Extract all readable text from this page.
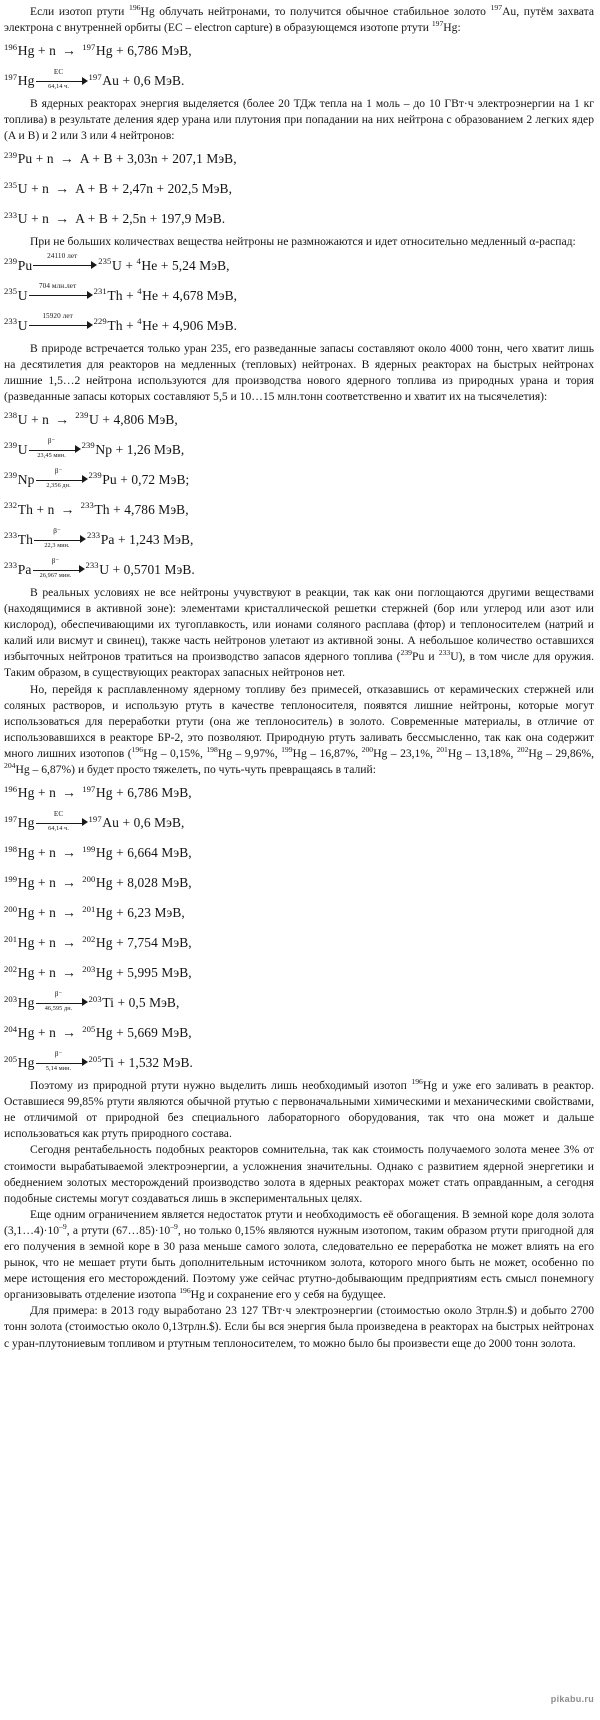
Если изотоп ртути $^{196}$Hg облучать нейтронами, то получится обычное стабильное золото $^{197}$Au, путём захвата электрона с внутренней орбиты (EC – electron capture) в образующемся изотопе ртути $^{197}$Hg:

$^{196}$Hg + n → $^{197}$Hg + 6,786 МэВ,
$^{197}$Hg
EC
64,14 ч.
$^{197}$Au + 0,6 МэВ.

В ядерных реакторах энергия выделяется (более 20 ТДж тепла на 1 моль – до 10 ГВт·ч электроэнергии на 1 кг топлива) в результате деления ядер урана или плутония при попадании на них нейтрона с образованием 2 легких ядер (A и B) и 2 или 3 или 4 нейтронов:

$^{239}$Pu + n → A + B + 3,03n + 207,1 МэВ,
$^{235}$U + n → A + B + 2,47n + 202,5 МэВ,
$^{233}$U + n → A + B + 2,5n + 197,9 МэВ.

При не больших количествах вещества нейтроны не размножаются и идет относительно медленный α-распад:

$^{239}$Pu
24110 лет	$^{235}$U + $^4$He + 5,24 МэВ,
$^{235}$U
704 млн.лет	$^{231}$Th + $^4$He + 4,678 МэВ,
$^{233}$U
15920 лет	$^{229}$Th + $^4$He + 4,906 МэВ.

В природе встречается только уран 235, его разведанные запасы составляют около 4000 тонн, чего хватит лишь на десятилетия для реакторов на медленных (тепловых) нейтронах. В ядерных реакторах на быстрых нейтронах лишние 1,5…2 нейтрона используются для производства нового ядерного топлива из природных урана и тория (разведанные запасы которых составляют 5,5 и 10…15 млн.тонн соответственно и хватит их на тысячелетия):

$^{238}$U + n → $^{239}$U + 4,806 МэВ,
$^{239}$U
β⁻
23,45 мин.
$^{239}$Np + 1,26 МэВ,
$^{239}$Np
β⁻
2,356 дн.
$^{239}$Pu + 0,72 МэВ;
$^{232}$Th + n → $^{233}$Th + 4,786 МэВ,
$^{233}$Th
β⁻
22,3 мин.
$^{233}$Pa + 1,243 МэВ,
$^{233}$Pa
β⁻
26,967 мин.
$^{233}$U + 0,5701 МэВ.

В реальных условиях не все нейтроны учувствуют в реакции, так как они поглощаются другими веществами (находящимися в активной зоне): элементами кристаллической решетки стержней (бор или углерод или азот или кислород), обеспечивающими их тугоплавкость, или ионами соляного расплава (фтор) и теплоносителем (натрий и калий или висмут и свинец), также часть нейтронов улетают из активной зоны. А небольшое количество оставшихся избыточных нейтронов тратиться на производство запасов ядерного топлива ($^{239}$Pu и $^{233}$U), в том числе для оружия. Таким образом, в существующих реакторах запасных нейтронов нет.

Но, перейдя к расплавленному ядерному топливу без примесей, отказавшись от керамических стержней или соляных растворов, и использую ртуть в качестве теплоносителя, появятся лишние нейтроны, которые могут использоваться для переработки ртути (она же теплоноситель) в золото. Современные материалы, в отличие от использовавшихся в реакторе БР-2, это позволяют. Природную ртуть заливать бессмысленно, так как она содержит много лишних изотопов ($^{196}$Hg – 0,15%, $^{198}$Hg – 9,97%, $^{199}$Hg – 16,87%, $^{200}$Hg – 23,1%, $^{201}$Hg – 13,18%, $^{202}$Hg – 29,86%, $^{204}$Hg – 6,87%) и будет просто тяжелеть, по чуть-чуть превращаясь в талий:

$^{196}$Hg + n → $^{197}$Hg + 6,786 МэВ,
$^{197}$Hg
EC
64,14 ч.
$^{197}$Au + 0,6 МэВ,
$^{198}$Hg + n → $^{199}$Hg + 6,664 МэВ,
$^{199}$Hg + n → $^{200}$Hg + 8,028 МэВ,
$^{200}$Hg + n → $^{201}$Hg + 6,23 МэВ,
$^{201}$Hg + n → $^{202}$Hg + 7,754 МэВ,
$^{202}$Hg + n → $^{203}$Hg + 5,995 МэВ,
$^{203}$Hg
β⁻
46,595 дн.
$^{203}$Ti + 0,5 МэВ,
$^{204}$Hg + n → $^{205}$Hg + 5,669 МэВ,
$^{205}$Hg
β⁻
5,14 мин.
$^{205}$Ti + 1,532 МэВ.

Поэтому из природной ртути нужно выделить лишь необходимый изотоп $^{196}$Hg и уже его заливать в реактор. Оставшиеся 99,85% ртути являются обычной ртутью с первоначальными химическими и механическими свойствами, не отличимой от природной без специального лабораторного оборудования, так что она может и дальше использоваться как ртуть природного состава.

Сегодня рентабельность подобных реакторов сомнительна, так как стоимость получаемого золота менее 3% от стоимости вырабатываемой электроэнергии, а усложнения значительны. Однако с развитием ядерной энергетики и обеднением золотых месторождений производство золота в ядерных реакторах может стать оправданным, а сегодня подобные системы могут создаваться лишь в экспериментальных целях.

Еще одним ограничением является недостаток ртути и необходимость её обогащения. В земной коре доля золота $(3,1\dots 4)\cdot 10^{-9}$, а ртути $(67\dots 85)\cdot 10^{-9}$, но только 0,15% являются нужным изотопом, таким образом ртути пригодной для его получения в земной коре в 30 раза меньше самого золота, следовательно ее переработка не может влиять на его рынок, что не мешает ртути быть дополнительным источником золота, которого много быть не может, особенно по мере истощения его месторождений. Поэтому уже сейчас ртутно-добывающим предприятиям есть смысл понемногу организовывать отделение изотопа $^{196}$Hg и сохранение его у себя на будущее.

Для примера: в 2013 году выработано 23 127 ТВт·ч электроэнергии (стоимостью около 3трлн.$) и добыто 2700 тонн золота (стоимостью около 0,13трлн.$). Если бы вся энергия была произведена в реакторах на быстрых нейтронах с уран-плутониевым топливом и ртутным теплоносителем, то можно было бы произвести еще до 2000 тонн золота.

pikabu.ru
